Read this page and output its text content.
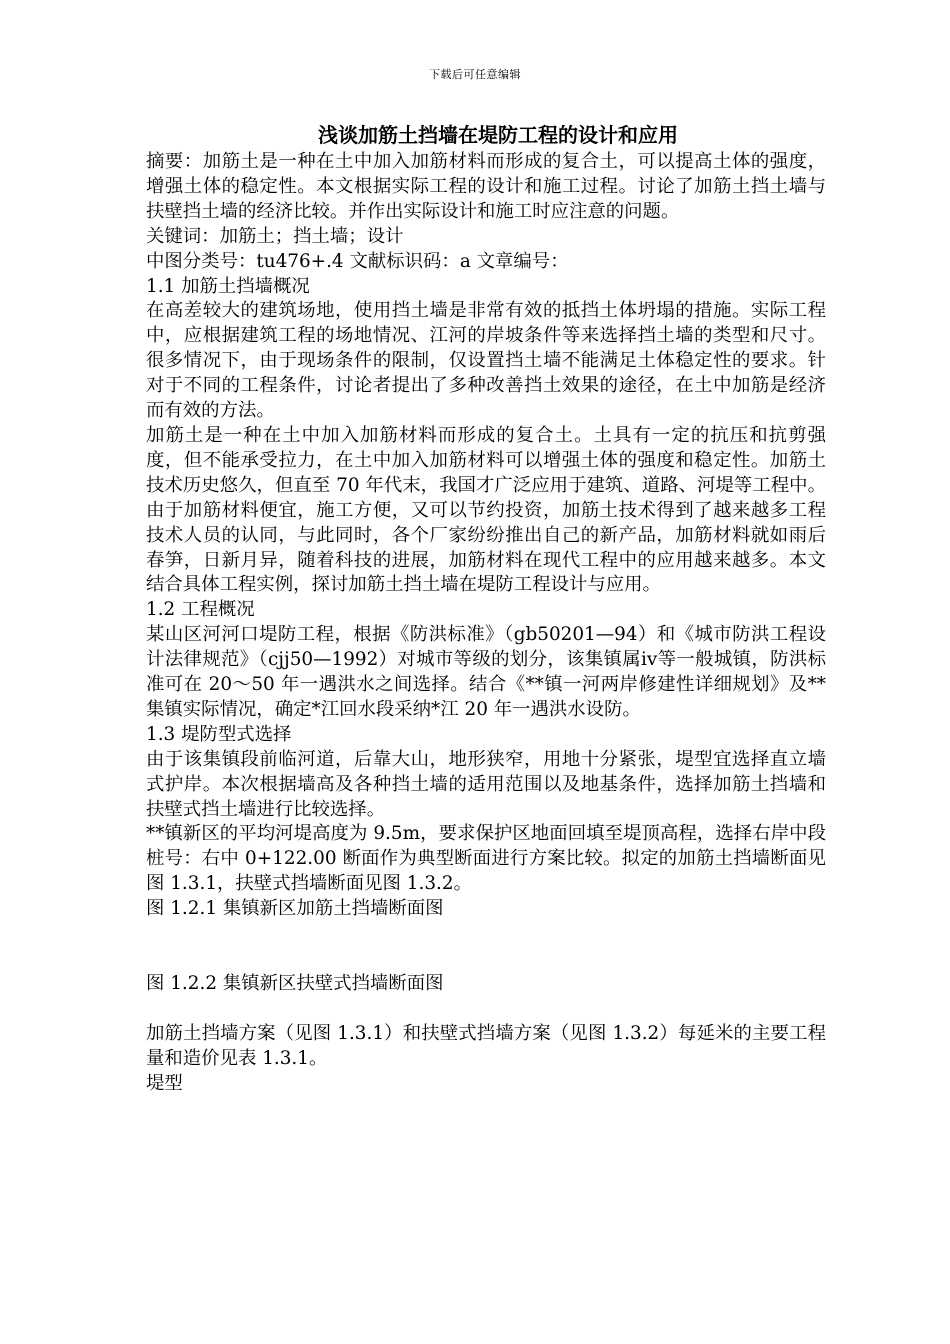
下载后可任意编辑
浅谈加筋土挡墙在堤防工程的设计和应用

摘要：加筋土是一种在土中加入加筋材料而形成的复合土，可以提高土体的强度，增强土体的稳定性。本文根据实际工程的设计和施工过程。讨论了加筋土挡土墙与扶壁挡土墙的经济比较。并作出实际设计和施工时应注意的问题。

关键词：加筋土；挡土墙；设计

中图分类号：tu476+.4 文献标识码：a 文章编号：

1.1 加筋土挡墙概况

在高差较大的建筑场地，使用挡土墙是非常有效的抵挡土体坍塌的措施。实际工程中，应根据建筑工程的场地情况、江河的岸坡条件等来选择挡土墙的类型和尺寸。很多情况下，由于现场条件的限制，仅设置挡土墙不能满足土体稳定性的要求。针对于不同的工程条件，讨论者提出了多种改善挡土效果的途径，在土中加筋是经济而有效的方法。

加筋土是一种在土中加入加筋材料而形成的复合土。土具有一定的抗压和抗剪强度，但不能承受拉力，在土中加入加筋材料可以增强土体的强度和稳定性。加筋土技术历史悠久，但直至 70 年代末，我国才广泛应用于建筑、道路、河堤等工程中。由于加筋材料便宜，施工方便，又可以节约投资，加筋土技术得到了越来越多工程技术人员的认同，与此同时，各个厂家纷纷推出自己的新产品，加筋材料就如雨后春笋，日新月异，随着科技的进展，加筋材料在现代工程中的应用越来越多。本文结合具体工程实例，探讨加筋土挡土墙在堤防工程设计与应用。

1.2 工程概况

某山区河河口堤防工程，根据《防洪标准》（gb50201—94）和《城市防洪工程设计法律规范》（cjj50—1992）对城市等级的划分，该集镇属ⅳ等一般城镇，防洪标准可在 20～50 年一遇洪水之间选择。结合《**镇一河两岸修建性详细规划》及**集镇实际情况，确定*江回水段采纳*江 20 年一遇洪水设防。

1.3 堤防型式选择

由于该集镇段前临河道，后靠大山，地形狭窄，用地十分紧张，堤型宜选择直立墙式护岸。本次根据墙高及各种挡土墙的适用范围以及地基条件，选择加筋土挡墙和扶壁式挡土墙进行比较选择。

**镇新区的平均河堤高度为 9.5m，要求保护区地面回填至堤顶高程，选择右岸中段桩号：右中 0+122.00 断面作为典型断面进行方案比较。拟定的加筋土挡墙断面见图 1.3.1，扶壁式挡墙断面见图 1.3.2。

图 1.2.1 集镇新区加筋土挡墙断面图

图 1.2.2 集镇新区扶壁式挡墙断面图

加筋土挡墙方案（见图 1.3.1）和扶壁式挡墙方案（见图 1.3.2）每延米的主要工程量和造价见表 1.3.1。

堤型
